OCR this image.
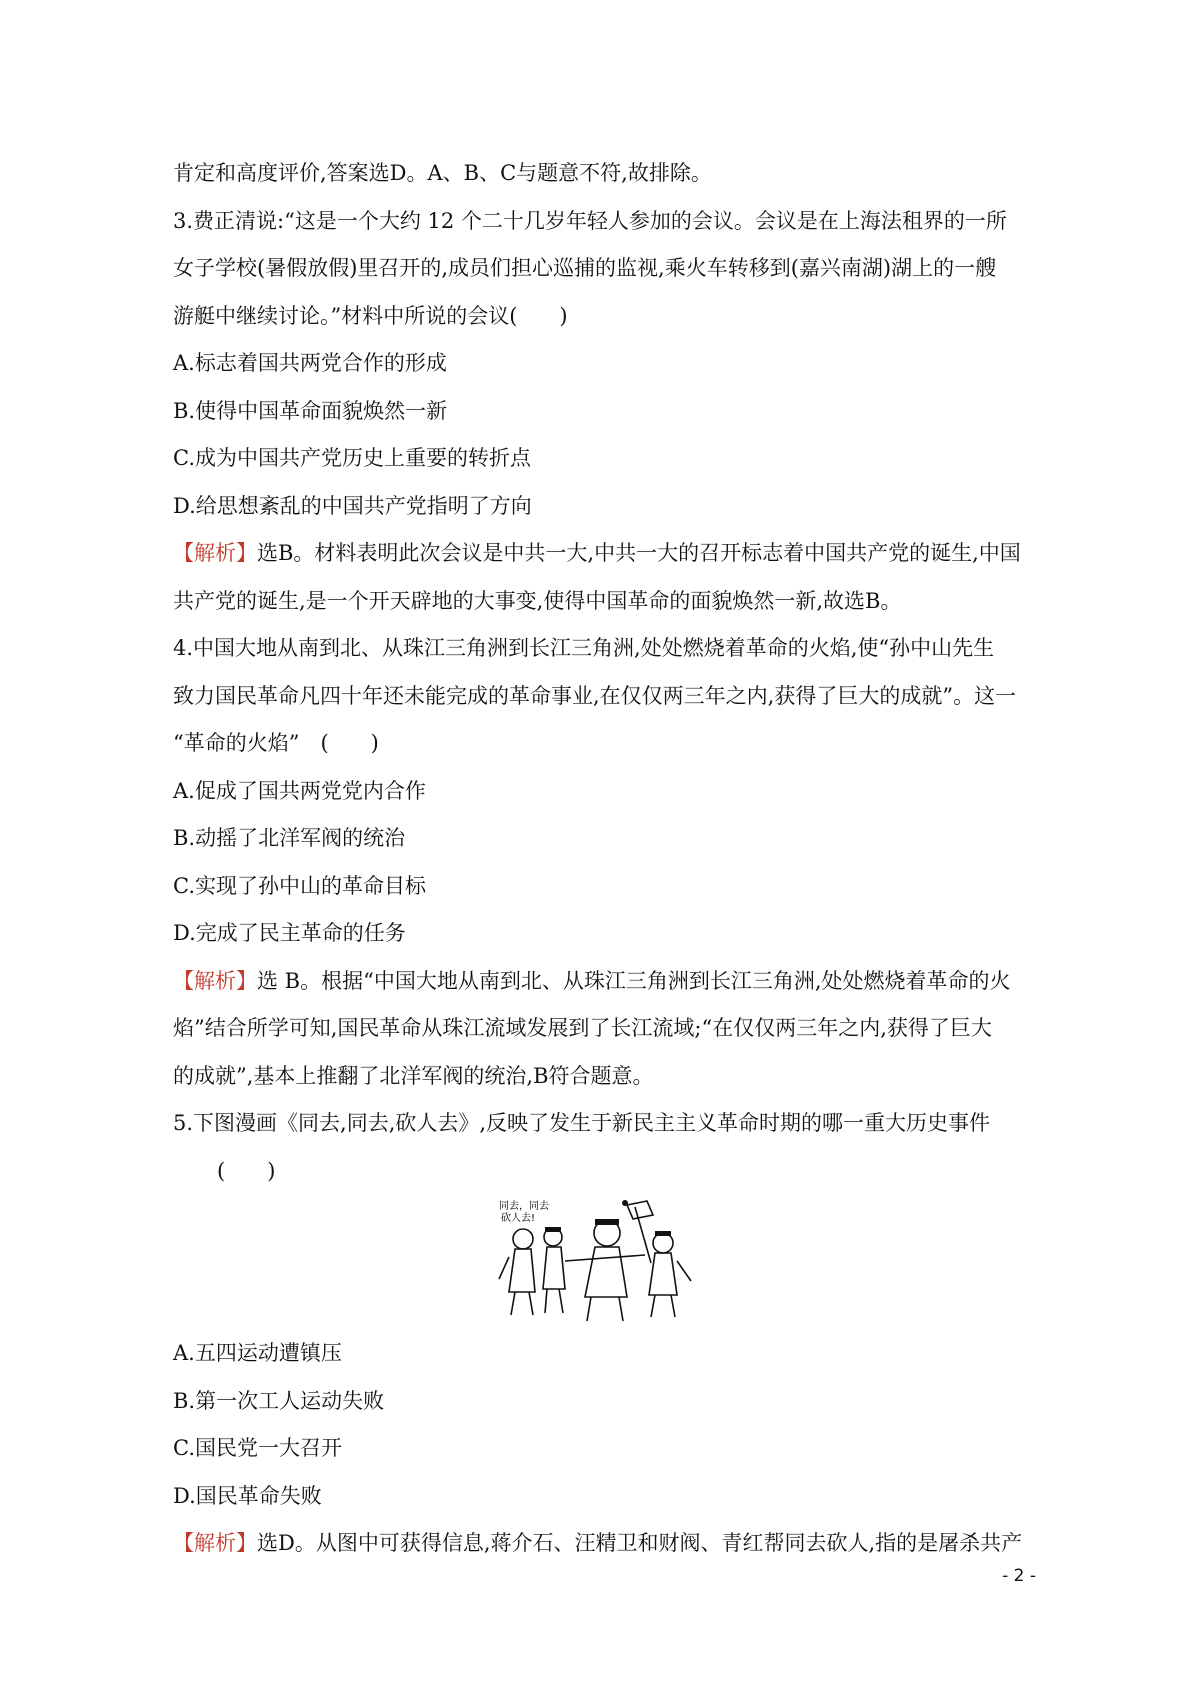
肯定和高度评价,答案选D。A、B、C与题意不符,故排除。
3.费正清说:“这是一个大约 12 个二十几岁年轻人参加的会议。会议是在上海法租界的一所
女子学校(暑假放假)里召开的,成员们担心巡捕的监视,乘火车转移到(嘉兴南湖)湖上的一艘
游艇中继续讨论。”材料中所说的会议(　　)
A.标志着国共两党合作的形成
B.使得中国革命面貌焕然一新
C.成为中国共产党历史上重要的转折点
D.给思想紊乱的中国共产党指明了方向
【解析】选B。材料表明此次会议是中共一大,中共一大的召开标志着中国共产党的诞生,中国
共产党的诞生,是一个开天辟地的大事变,使得中国革命的面貌焕然一新,故选B。
4.中国大地从南到北、从珠江三角洲到长江三角洲,处处燃烧着革命的火焰,使“孙中山先生
致力国民革命凡四十年还未能完成的革命事业,在仅仅两三年之内,获得了巨大的成就”。这一
“革命的火焰”　(　　)
A.促成了国共两党党内合作
B.动摇了北洋军阀的统治
C.实现了孙中山的革命目标
D.完成了民主革命的任务
【解析】选 B。根据“中国大地从南到北、从珠江三角洲到长江三角洲,处处燃烧着革命的火
焰”结合所学可知,国民革命从珠江流域发展到了长江流域;“在仅仅两三年之内,获得了巨大
的成就”,基本上推翻了北洋军阀的统治,B符合题意。
5.下图漫画《同去,同去,砍人去》,反映了发生于新民主主义革命时期的哪一重大历史事件
(　　)
同去，同去
砍人去!
A.五四运动遭镇压
B.第一次工人运动失败
C.国民党一大召开
D.国民革命失败
【解析】选D。从图中可获得信息,蒋介石、汪精卫和财阀、青红帮同去砍人,指的是屠杀共产
- 2 -
